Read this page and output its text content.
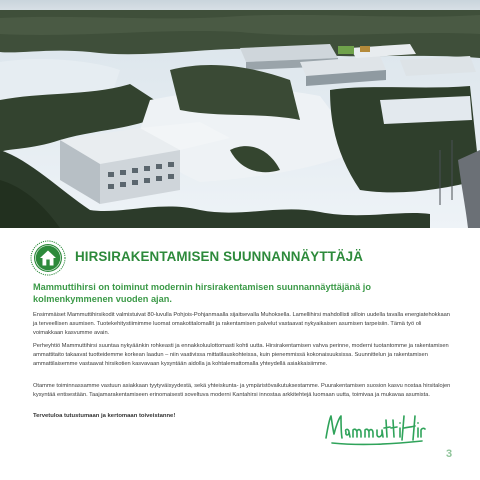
HIRSIRAKENTAMISEN SUUNNANNÄYTTÄJÄ

Mammuttihirsi on toiminut modernin hirsirakentamisen suunnannäyttäjänä jo kolmenkymmenen vuoden ajan.

Ensimmäiset Mammuttihirsikodit valmistuivat 80-luvulla Pohjois-Pohjanmaalla sijaitsevalla Muhoksella. Lamellihirsi mahdollisti silloin uudella tavalla energiatehokkaan ja terveellisen asumisen. Tuotekehitystiimimme luomat omakotitalomallit ja rakentamisen palvelut vastaavat nykyaikaisen asumisen tarpeisiin. Tämä työ oli voimakkaan kasvumme avain.

Perheyhtiö Mammuttihirsi suuntaa nykyäänkin rohkeasti ja ennakkoluulottomasti kohti uutta. Hirsirakentamisen vahva perinne, moderni tuotantomme ja rakentamisen ammattitaito takaavat tuotteidemme korkean laadun – niin vaativissa mittatilauskohteissa, kuin pienemmissä kokonaisuuksissa. Suunnittelun ja rakentamisen ammattilaisemme vastaavat hirsikotien kasvavaan kysyntään aidolla ja kohtalemattomalla yhteydellä asiakkaisiimme.

Otamme toiminnassamme vastuun asiakkaan tyytyväisyydestä, sekä yhteiskunta- ja ympäristövaikutuksestamme. Puurakentamisen suosion kasvu nostaa hirsitalojen kysyntää entisestään. Taajamarakentamiseen erinomaisesti soveltuva moderni Kantahirsi innostaa arkkitehtejä luomaan uutta, toimivaa ja mukavaa asumista.

Tervetuloa tutustumaan ja kertomaan toiveistanne!

3
